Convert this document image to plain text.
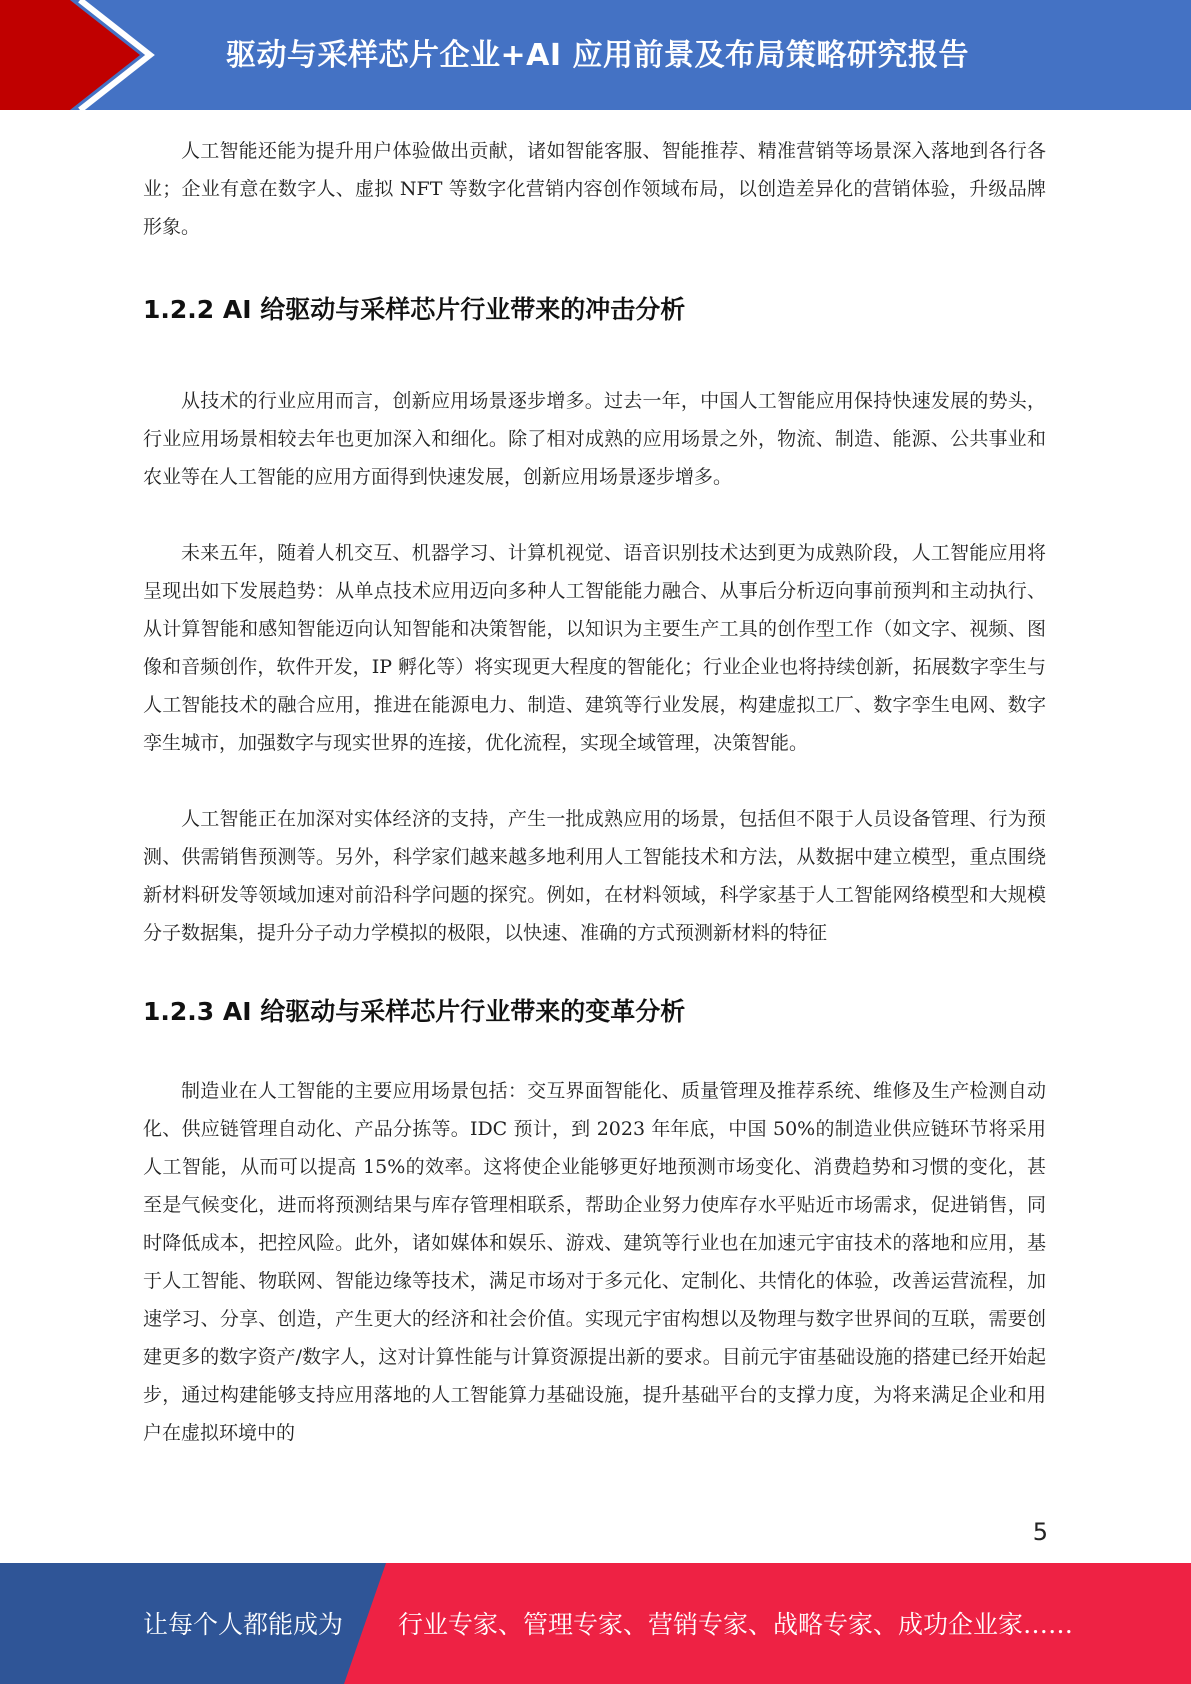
驱动与采样芯片企业+AI 应用前景及布局策略研究报告

人工智能还能为提升用户体验做出贡献，诸如智能客服、智能推荐、精准营销等场景深入落地到各行各业；企业有意在数字人、虚拟 NFT 等数字化营销内容创作领域布局，以创造差异化的营销体验，升级品牌形象。

1.2.2 AI 给驱动与采样芯片行业带来的冲击分析

从技术的行业应用而言，创新应用场景逐步增多。过去一年，中国人工智能应用保持快速发展的势头，行业应用场景相较去年也更加深入和细化。除了相对成熟的应用场景之外，物流、制造、能源、公共事业和农业等在人工智能的应用方面得到快速发展，创新应用场景逐步增多。

未来五年，随着人机交互、机器学习、计算机视觉、语音识别技术达到更为成熟阶段，人工智能应用将呈现出如下发展趋势：从单点技术应用迈向多种人工智能能力融合、从事后分析迈向事前预判和主动执行、从计算智能和感知智能迈向认知智能和决策智能，以知识为主要生产工具的创作型工作（如文字、视频、图像和音频创作，软件开发，IP 孵化等）将实现更大程度的智能化；行业企业也将持续创新，拓展数字孪生与人工智能技术的融合应用，推进在能源电力、制造、建筑等行业发展，构建虚拟工厂、数字孪生电网、数字孪生城市，加强数字与现实世界的连接，优化流程，实现全域管理，决策智能。

人工智能正在加深对实体经济的支持，产生一批成熟应用的场景，包括但不限于人员设备管理、行为预测、供需销售预测等。另外，科学家们越来越多地利用人工智能技术和方法，从数据中建立模型，重点围绕新材料研发等领域加速对前沿科学问题的探究。例如，在材料领域，科学家基于人工智能网络模型和大规模分子数据集，提升分子动力学模拟的极限，以快速、准确的方式预测新材料的特征

1.2.3 AI 给驱动与采样芯片行业带来的变革分析

制造业在人工智能的主要应用场景包括：交互界面智能化、质量管理及推荐系统、维修及生产检测自动化、供应链管理自动化、产品分拣等。IDC 预计，到 2023 年年底，中国 50%的制造业供应链环节将采用人工智能，从而可以提高 15%的效率。这将使企业能够更好地预测市场变化、消费趋势和习惯的变化，甚至是气候变化，进而将预测结果与库存管理相联系，帮助企业努力使库存水平贴近市场需求，促进销售，同时降低成本，把控风险。此外，诸如媒体和娱乐、游戏、建筑等行业也在加速元宇宙技术的落地和应用，基于人工智能、物联网、智能边缘等技术，满足市场对于多元化、定制化、共情化的体验，改善运营流程，加速学习、分享、创造，产生更大的经济和社会价值。实现元宇宙构想以及物理与数字世界间的互联，需要创建更多的数字资产/数字人，这对计算性能与计算资源提出新的要求。目前元宇宙基础设施的搭建已经开始起步，通过构建能够支持应用落地的人工智能算力基础设施，提升基础平台的支撑力度，为将来满足企业和用户在虚拟环境中的

5
让每个人都能成为 行业专家、管理专家、营销专家、战略专家、成功企业家……
